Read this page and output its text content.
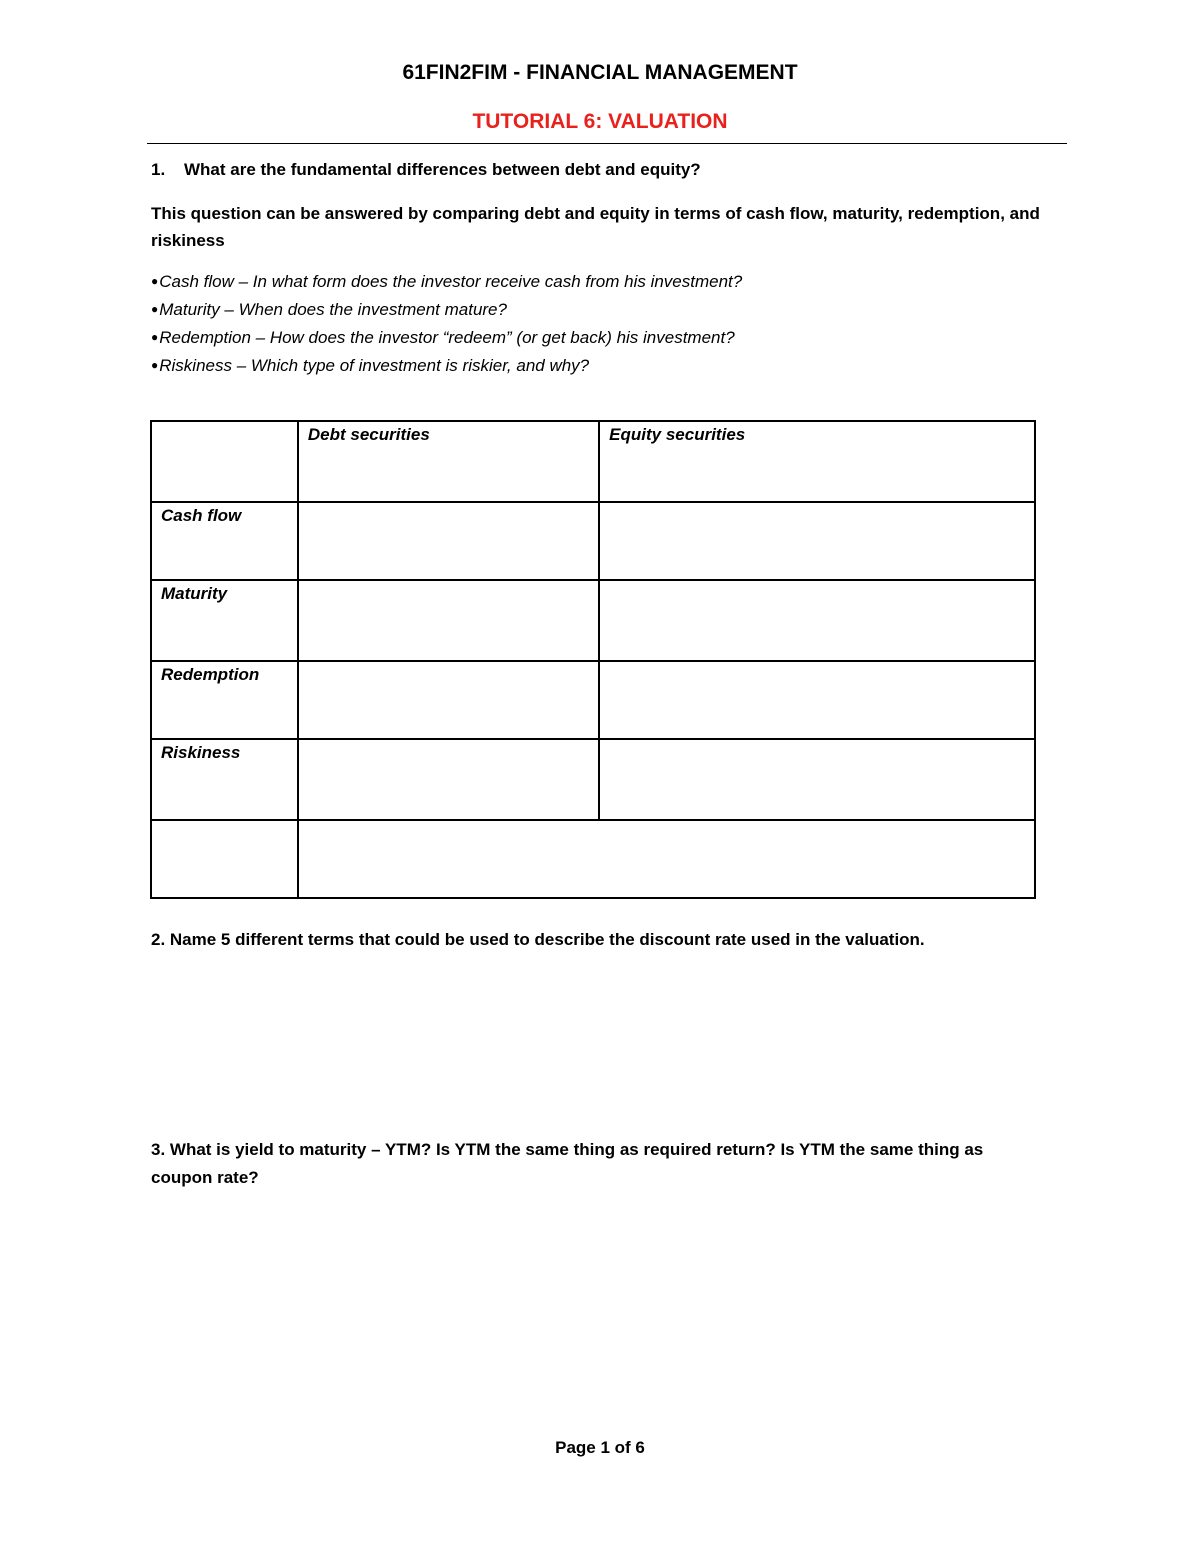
61FIN2FIM - FINANCIAL MANAGEMENT
TUTORIAL 6: VALUATION
1. What are the fundamental differences between debt and equity?
This question can be answered by comparing debt and equity in terms of cash flow, maturity, redemption, and riskiness
●Cash flow – In what form does the investor receive cash from his investment?
●Maturity – When does the investment mature?
●Redemption – How does the investor “redeem” (or get back) his investment?
●Riskiness – Which type of investment is riskier, and why?
	Debt securities	Equity securities
Cash flow		
Maturity		
Redemption		
Riskiness		

2. Name 5 different terms that could be used to describe the discount rate used in the valuation.
3. What is yield to maturity – YTM? Is YTM the same thing as required return? Is YTM the same thing as coupon rate?
Page 1 of 6
